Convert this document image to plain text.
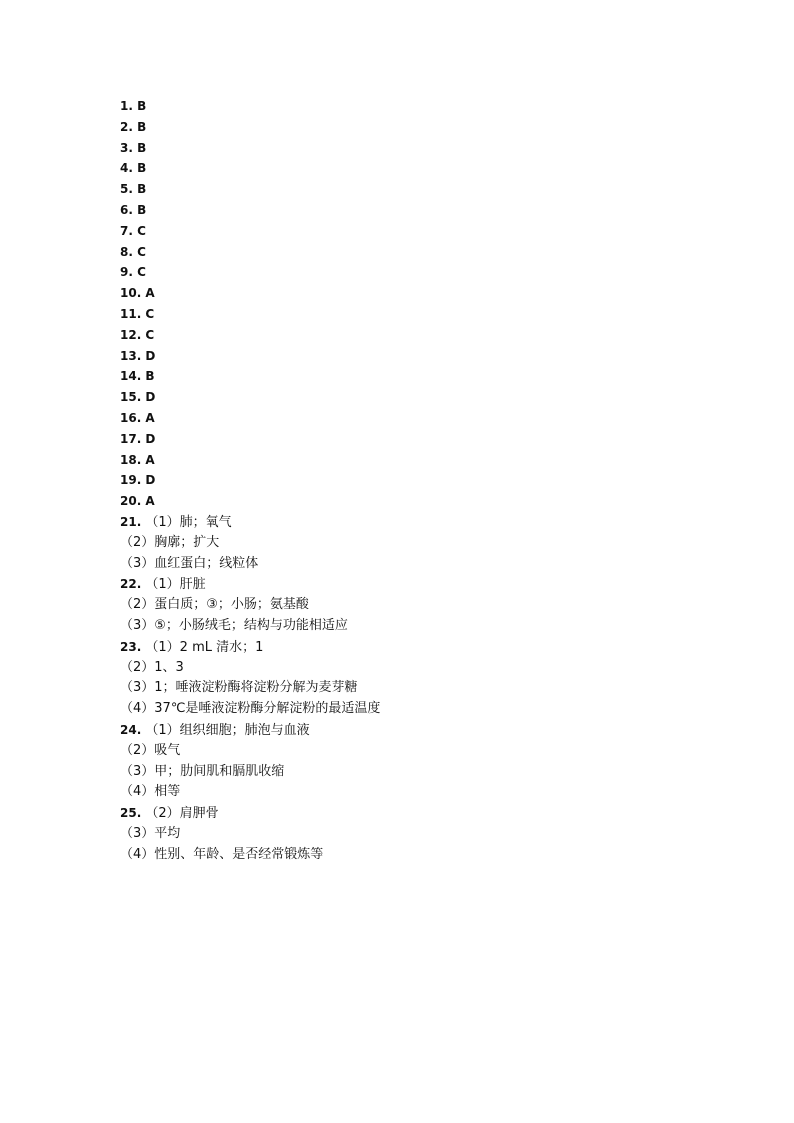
1. B
2. B
3. B
4. B
5. B
6. B
7. C
8. C
9. C
10. A
11. C
12. C
13. D
14. B
15. D
16. A
17. D
18. A
19. D
20. A
21. （1）肺；氧气
（2）胸廓；扩大
（3）血红蛋白；线粒体
22. （1）肝脏
（2）蛋白质；③；小肠；氨基酸
（3）⑤；小肠绒毛；结构与功能相适应
23. （1）2 mL 清水；1
（2）1、3
（3）1；唾液淀粉酶将淀粉分解为麦芽糖
（4）37℃是唾液淀粉酶分解淀粉的最适温度
24. （1）组织细胞；肺泡与血液
（2）吸气
（3）甲；肋间肌和膈肌收缩
（4）相等
25. （2）肩胛骨
（3）平均
（4）性别、年龄、是否经常锻炼等
